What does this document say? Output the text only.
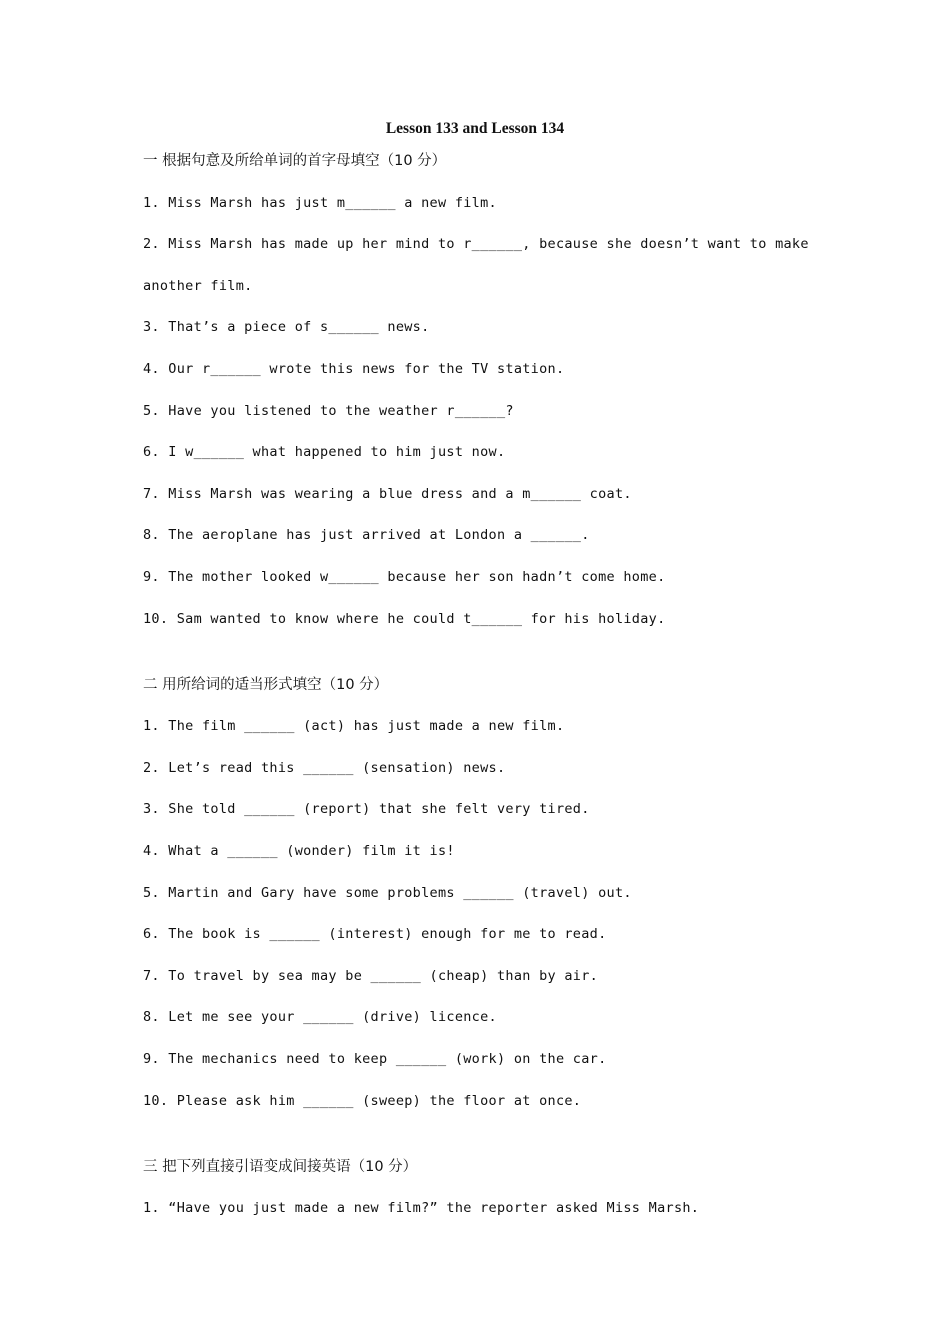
Lesson 133 and Lesson 134
一 根据句意及所给单词的首字母填空（10 分）
1. Miss Marsh has just m______ a new film.
2. Miss Marsh has made up her mind to r______, because she doesn’t want to make
another film.
3. That’s a piece of s______ news.
4. Our r______ wrote this news for the TV station.
5. Have you listened to the weather r______?
6. I w______ what happened to him just now.
7. Miss Marsh was wearing a blue dress and a m______ coat.
8. The aeroplane has just arrived at London a ______.
9. The mother looked w______ because her son hadn’t come home.
10. Sam wanted to know where he could t______ for his holiday.
二 用所给词的适当形式填空（10 分）
1. The film ______ (act) has just made a new film.
2. Let’s read this ______ (sensation) news.
3. She told ______ (report) that she felt very tired.
4. What a ______ (wonder) film it is!
5. Martin and Gary have some problems ______ (travel) out.
6. The book is ______ (interest) enough for me to read.
7. To travel by sea may be ______ (cheap) than by air.
8. Let me see your ______ (drive) licence.
9. The mechanics need to keep ______ (work) on the car.
10. Please ask him ______ (sweep) the floor at once.
三 把下列直接引语变成间接英语（10 分）
1. “Have you just made a new film?” the reporter asked Miss Marsh.
